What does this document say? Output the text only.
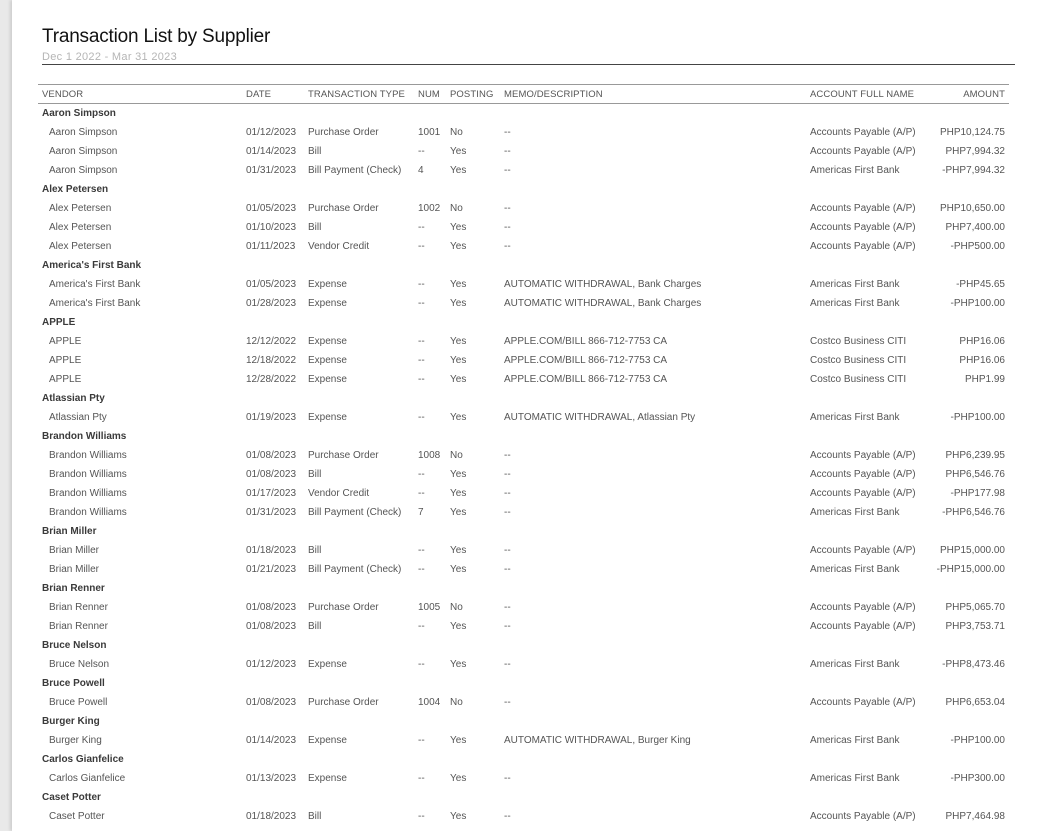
Transaction List by Supplier
Dec 1 2022 - Mar 31 2023
VENDOR	DATE	TRANSACTION TYPE	NUM	POSTING	MEMO/DESCRIPTION	ACCOUNT FULL NAME	AMOUNT
Aaron Simpson							
Aaron Simpson	01/12/2023	Purchase Order	1001	No	--	Accounts Payable (A/P)	PHP10,124.75
Aaron Simpson	01/14/2023	Bill	--	Yes	--	Accounts Payable (A/P)	PHP7,994.32
Aaron Simpson	01/31/2023	Bill Payment (Check)	4	Yes	--	Americas First Bank	-PHP7,994.32
Alex Petersen							
Alex Petersen	01/05/2023	Purchase Order	1002	No	--	Accounts Payable (A/P)	PHP10,650.00
Alex Petersen	01/10/2023	Bill	--	Yes	--	Accounts Payable (A/P)	PHP7,400.00
Alex Petersen	01/11/2023	Vendor Credit	--	Yes	--	Accounts Payable (A/P)	-PHP500.00
America's First Bank							
America's First Bank	01/05/2023	Expense	--	Yes	AUTOMATIC WITHDRAWAL, Bank Charges	Americas First Bank	-PHP45.65
America's First Bank	01/28/2023	Expense	--	Yes	AUTOMATIC WITHDRAWAL, Bank Charges	Americas First Bank	-PHP100.00
APPLE							
APPLE	12/12/2022	Expense	--	Yes	APPLE.COM/BILL 866-712-7753 CA	Costco Business CITI	PHP16.06
APPLE	12/18/2022	Expense	--	Yes	APPLE.COM/BILL 866-712-7753 CA	Costco Business CITI	PHP16.06
APPLE	12/28/2022	Expense	--	Yes	APPLE.COM/BILL 866-712-7753 CA	Costco Business CITI	PHP1.99
Atlassian Pty							
Atlassian Pty	01/19/2023	Expense	--	Yes	AUTOMATIC WITHDRAWAL, Atlassian Pty	Americas First Bank	-PHP100.00
Brandon Williams							
Brandon Williams	01/08/2023	Purchase Order	1008	No	--	Accounts Payable (A/P)	PHP6,239.95
Brandon Williams	01/08/2023	Bill	--	Yes	--	Accounts Payable (A/P)	PHP6,546.76
Brandon Williams	01/17/2023	Vendor Credit	--	Yes	--	Accounts Payable (A/P)	-PHP177.98
Brandon Williams	01/31/2023	Bill Payment (Check)	7	Yes	--	Americas First Bank	-PHP6,546.76
Brian Miller							
Brian Miller	01/18/2023	Bill	--	Yes	--	Accounts Payable (A/P)	PHP15,000.00
Brian Miller	01/21/2023	Bill Payment (Check)	--	Yes	--	Americas First Bank	-PHP15,000.00
Brian Renner							
Brian Renner	01/08/2023	Purchase Order	1005	No	--	Accounts Payable (A/P)	PHP5,065.70
Brian Renner	01/08/2023	Bill	--	Yes	--	Accounts Payable (A/P)	PHP3,753.71
Bruce Nelson							
Bruce Nelson	01/12/2023	Expense	--	Yes	--	Americas First Bank	-PHP8,473.46
Bruce Powell							
Bruce Powell	01/08/2023	Purchase Order	1004	No	--	Accounts Payable (A/P)	PHP6,653.04
Burger King							
Burger King	01/14/2023	Expense	--	Yes	AUTOMATIC WITHDRAWAL, Burger King	Americas First Bank	-PHP100.00
Carlos Gianfelice							
Carlos Gianfelice	01/13/2023	Expense	--	Yes	--	Americas First Bank	-PHP300.00
Caset Potter							
Caset Potter	01/18/2023	Bill	--	Yes	--	Accounts Payable (A/P)	PHP7,464.98
